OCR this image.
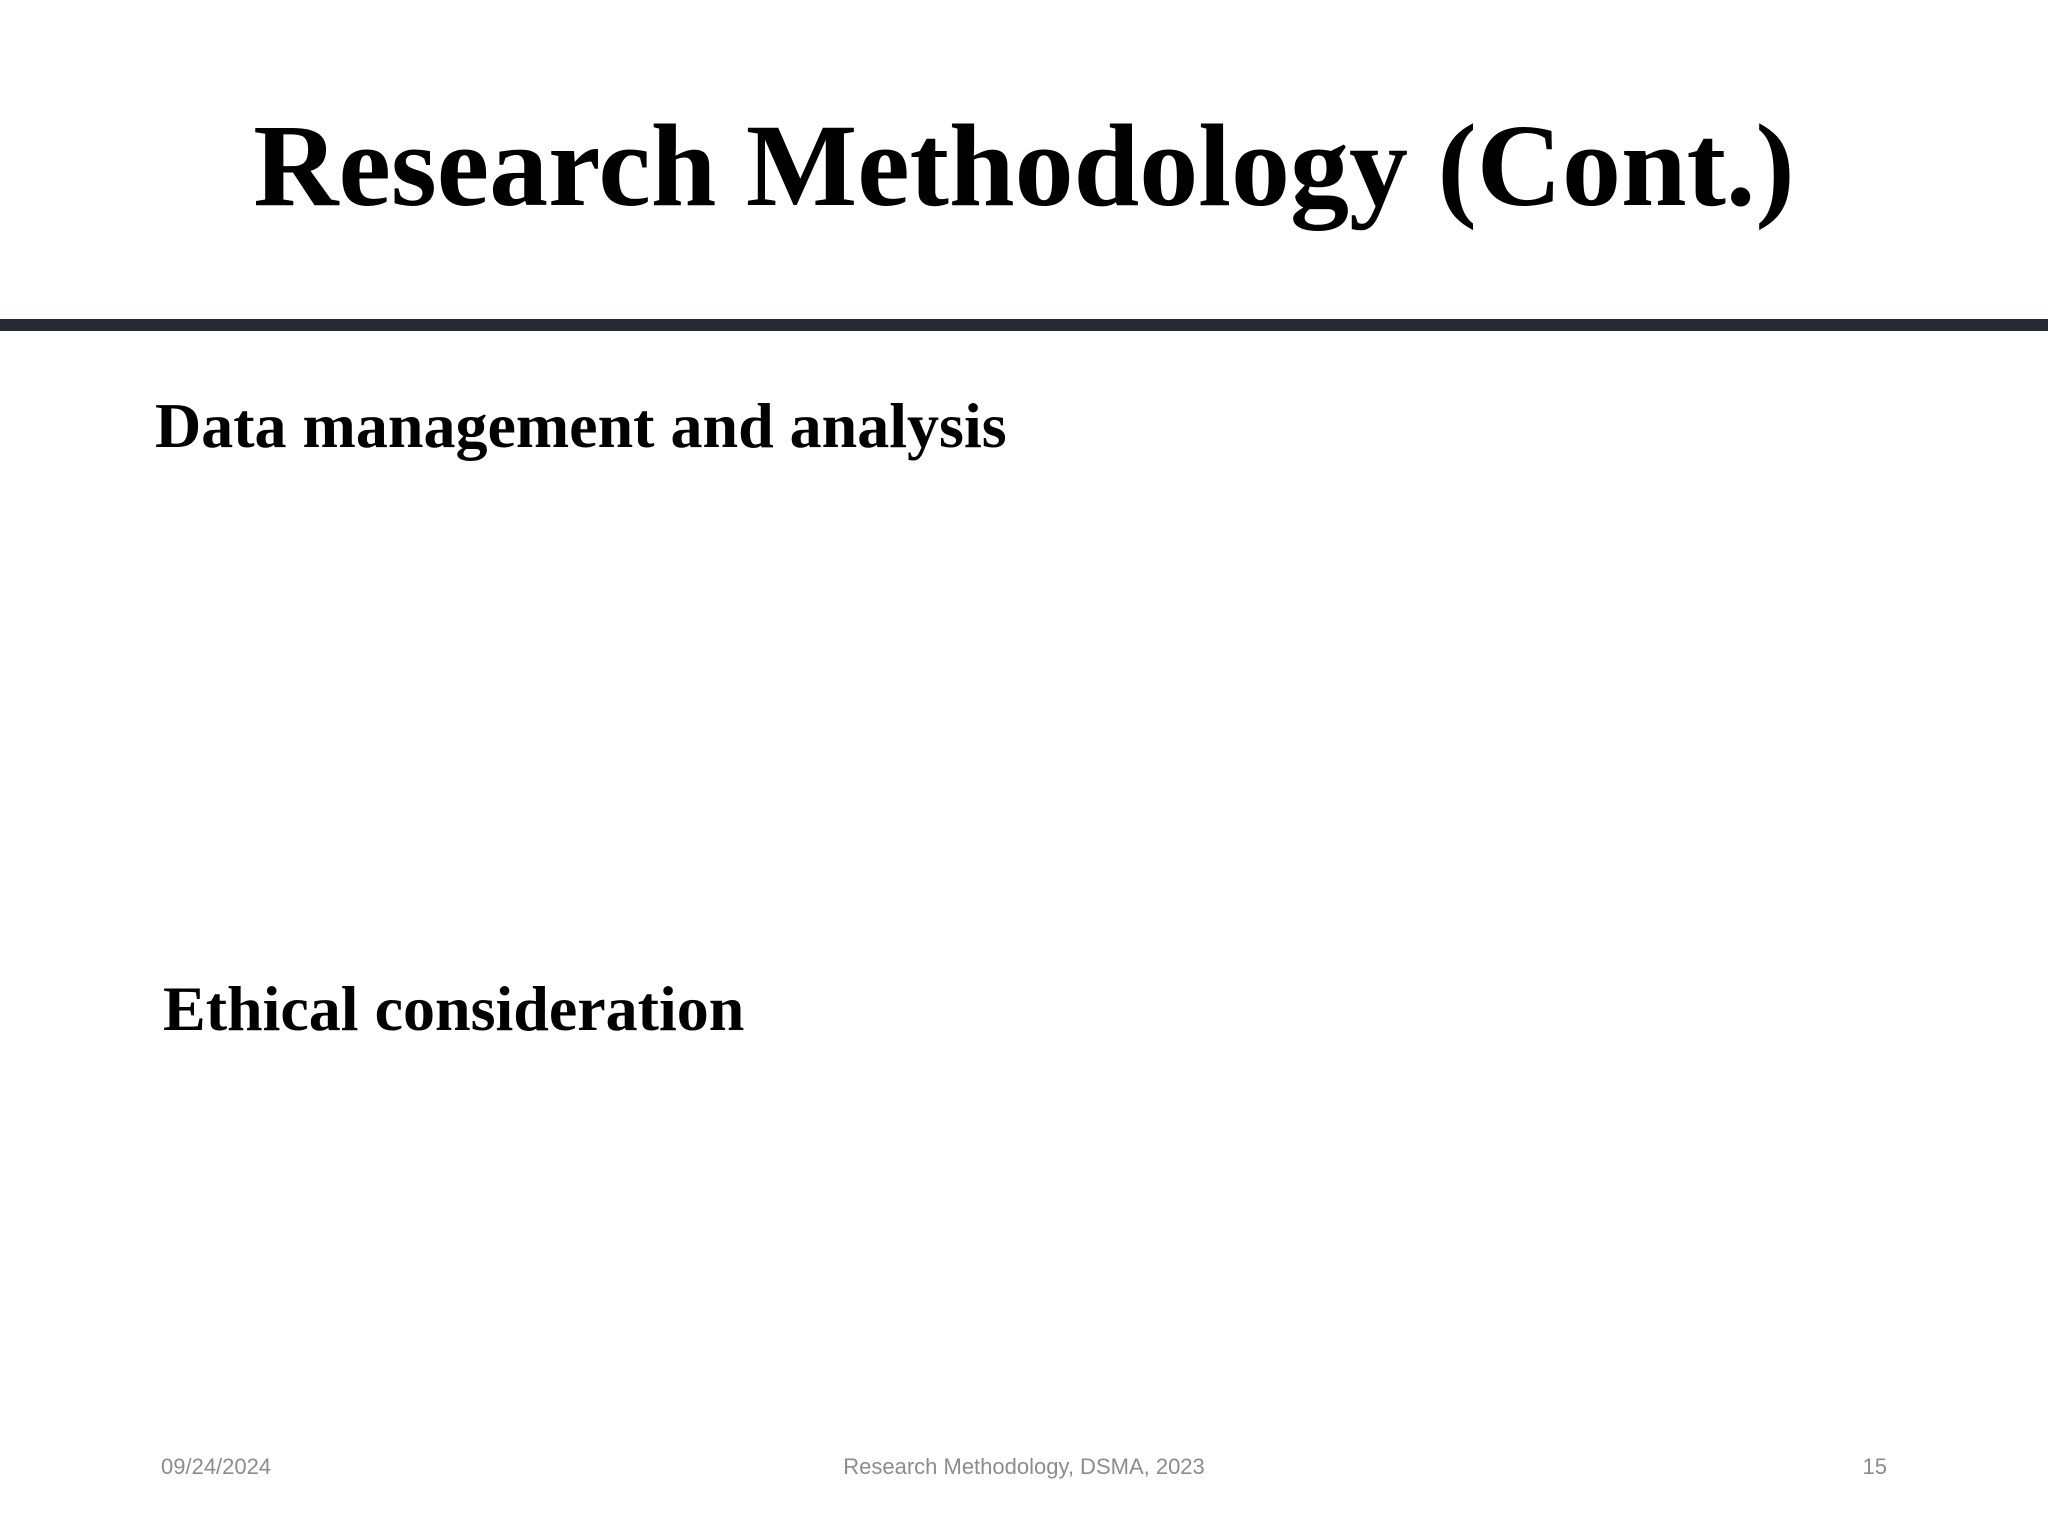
Research Methodology (Cont.)
Data management and analysis
Ethical consideration
09/24/2024	Research Methodology, DSMA, 2023	15
